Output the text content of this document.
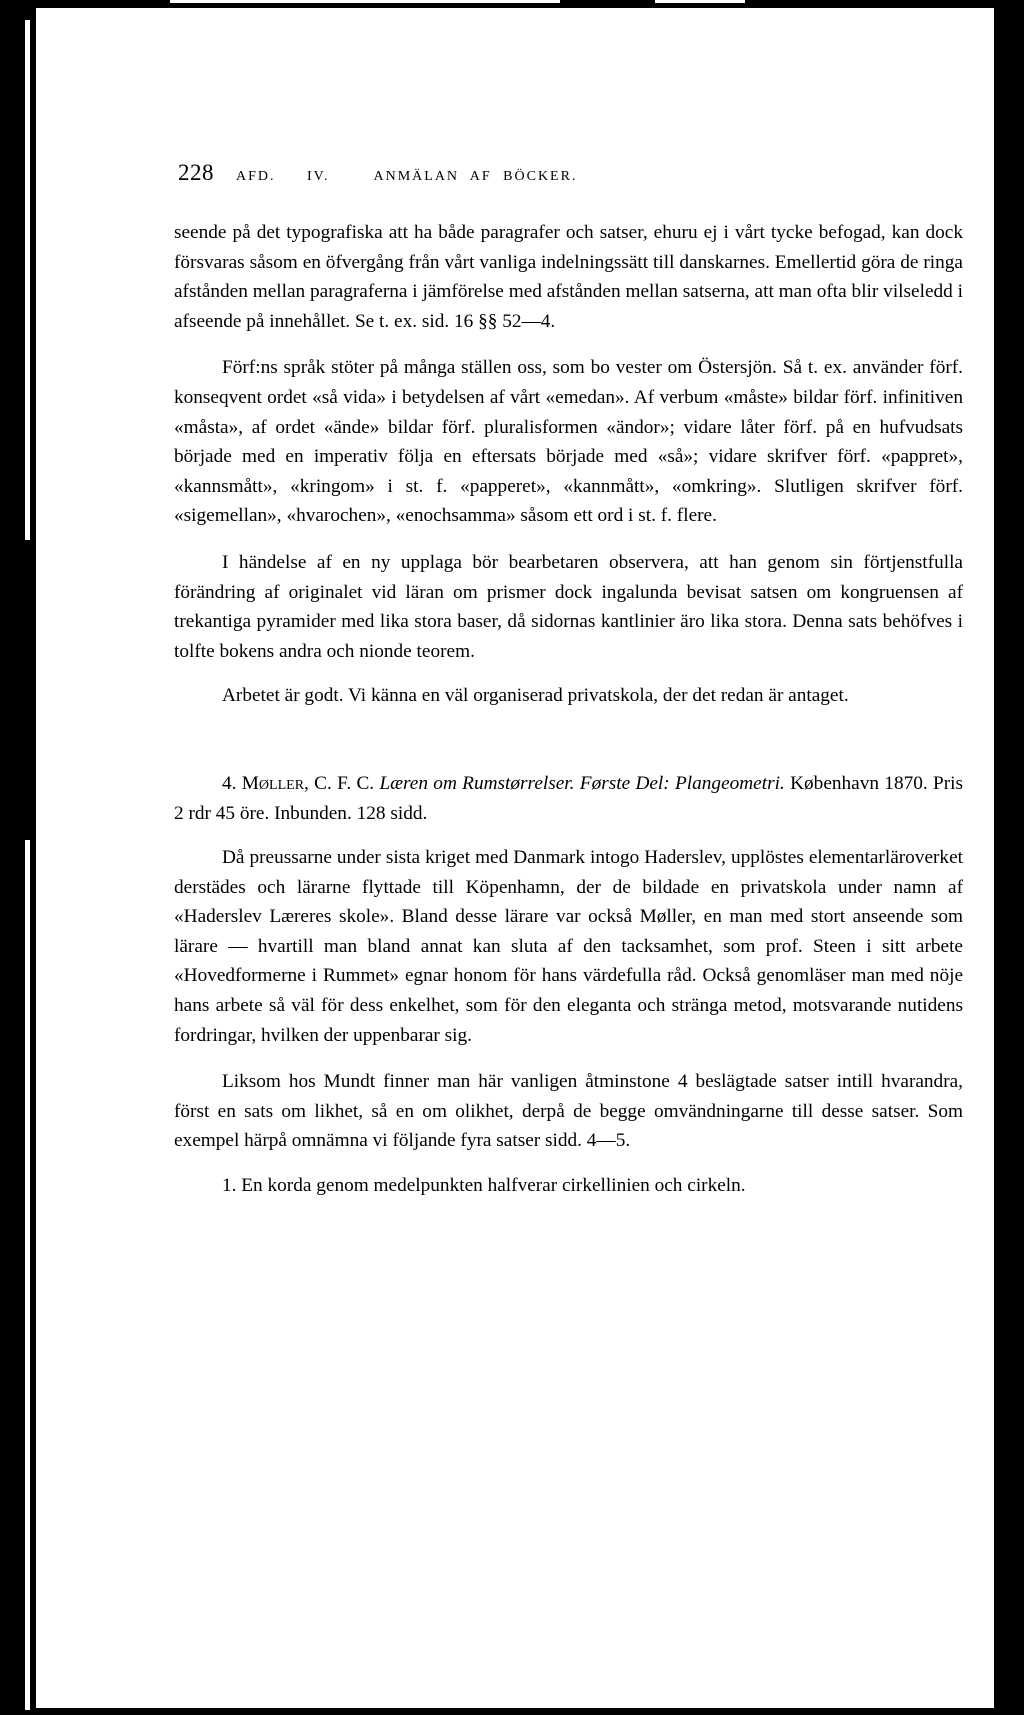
228 AFD. IV.	ANMÄLAN AF BÖCKER.

seende på det typografiska att ha både paragrafer och satser, ehuru ej i vårt tycke befogad, kan dock försvaras såsom en öfvergång från vårt vanliga indelningssätt till danskarnes. Emellertid göra de ringa afstånden mellan paragraferna i jämförelse med afstånden mellan satserna, att man ofta blir vilseledd i afseende på innehållet. Se t. ex. sid. 16 §§ 52—4.

Förf:ns språk stöter på många ställen oss, som bo vester om Östersjön. Så t. ex. använder förf. konseqvent ordet «så vida» i betydelsen af vårt «emedan». Af verbum «måste» bildar förf. infinitiven «måsta», af ordet «ände» bildar förf. pluralisformen «ändor»; vidare låter förf. på en hufvudsats började med en imperativ följa en eftersats började med «så»; vidare skrifver förf. «pappret», «kannsmått», «kringom» i st. f. «papperet», «kannmått», «omkring». Slutligen skrifver förf. «sigemellan», «hvarochen», «enochsamma» såsom ett ord i st. f. flere.

I händelse af en ny upplaga bör bearbetaren observera, att han genom sin förtjenstfulla förändring af originalet vid läran om prismer dock ingalunda bevisat satsen om kongruensen af trekantiga pyramider med lika stora baser, då sidornas kantlinier äro lika stora. Denna sats behöfves i tolfte bokens andra och nionde teorem.

Arbetet är godt. Vi känna en väl organiserad privatskola, der det redan är antaget.

4. Møller, C. F. C. Læren om Rumstørrelser. Første Del: Plangeometri. København 1870. Pris 2 rdr 45 öre. Inbunden. 128 sidd.

Då preussarne under sista kriget med Danmark intogo Haderslev, upplöstes elementarläroverket derstädes och lärarne flyttade till Köpenhamn, der de bildade en privatskola under namn af «Haderslev Læreres skole». Bland desse lärare var också Møller, en man med stort anseende som lärare — hvartill man bland annat kan sluta af den tacksamhet, som prof. Steen i sitt arbete «Hovedformerne i Rummet» egnar honom för hans värdefulla råd. Också genomläser man med nöje hans arbete så väl för dess enkelhet, som för den eleganta och stränga metod, motsvarande nutidens fordringar, hvilken der uppenbarar sig.

Liksom hos Mundt finner man här vanligen åtminstone 4 beslägtade satser intill hvarandra, först en sats om likhet, så en om olikhet, derpå de begge omvändningarne till desse satser. Som exempel härpå omnämna vi följande fyra satser sidd. 4—5.

1. En korda genom medelpunkten halfverar cirkellinien och cirkeln.
